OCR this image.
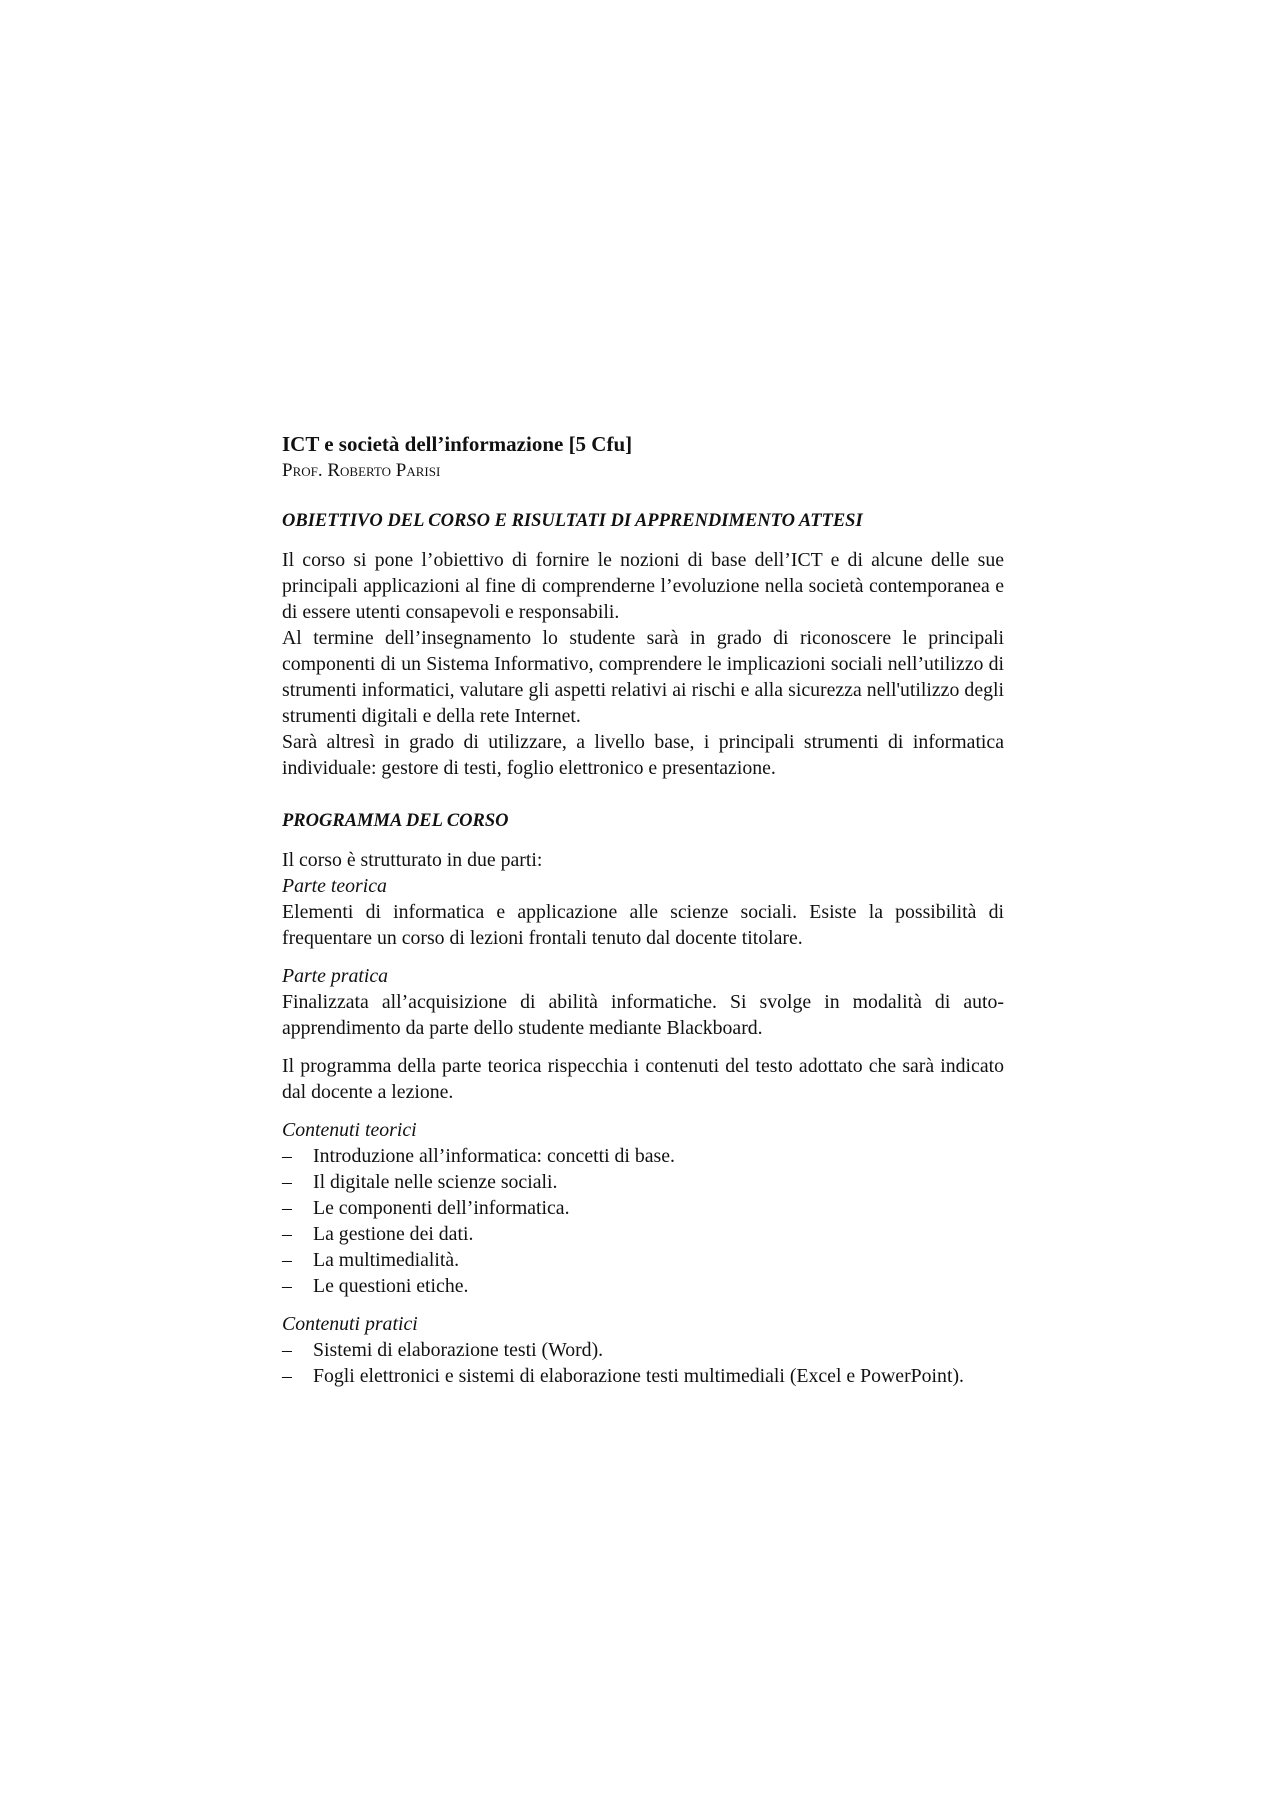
ICT e società dell’informazione [5 Cfu]

Prof. Roberto Parisi

OBIETTIVO DEL CORSO E RISULTATI DI APPRENDIMENTO ATTESI

Il corso si pone l’obiettivo di fornire le nozioni di base dell’ICT e di alcune delle sue principali applicazioni al fine di comprenderne l’evoluzione nella società contemporanea e di essere utenti consapevoli e responsabili.

Al termine dell’insegnamento lo studente sarà in grado di riconoscere le principali componenti di un Sistema Informativo, comprendere le implicazioni sociali nell’utilizzo di strumenti informatici, valutare gli aspetti relativi ai rischi e alla sicurezza nell'utilizzo degli strumenti digitali e della rete Internet.

Sarà altresì in grado di utilizzare, a livello base, i principali strumenti di informatica individuale: gestore di testi, foglio elettronico e presentazione.

PROGRAMMA DEL CORSO

Il corso è strutturato in due parti:

Parte teorica

Elementi di informatica e applicazione alle scienze sociali. Esiste la possibilità di frequentare un corso di lezioni frontali tenuto dal docente titolare.

Parte pratica

Finalizzata all’acquisizione di abilità informatiche. Si svolge in modalità di auto-apprendimento da parte dello studente mediante Blackboard.

Il programma della parte teorica rispecchia i contenuti del testo adottato che sarà indicato dal docente a lezione.

Contenuti teorici

–	Introduzione all’informatica: concetti di base.
–	Il digitale nelle scienze sociali.
–	Le componenti dell’informatica.
–	La gestione dei dati.
–	La multimedialità.
–	Le questioni etiche.

Contenuti pratici

–	Sistemi di elaborazione testi (Word).
–	Fogli elettronici e sistemi di elaborazione testi multimediali (Excel e PowerPoint).
